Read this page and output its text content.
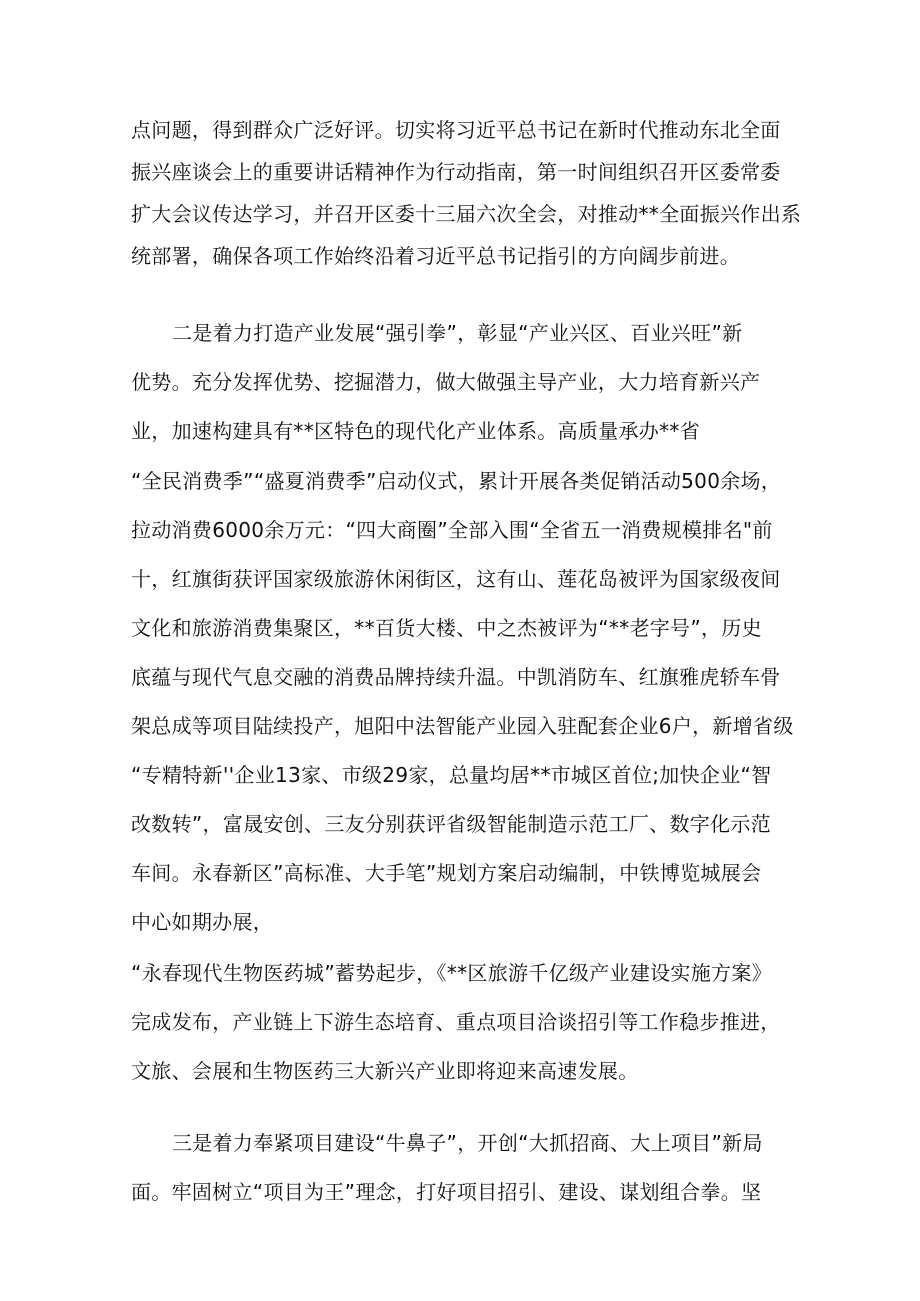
点问题，得到群众广泛好评。切实将习近平总书记在新时代推动东北全面
振兴座谈会上的重要讲话精神作为行动指南，第一时间组织召开区委常委
扩大会议传达学习，并召开区委十三届六次全会，对推动**全面振兴作出系
统部署，确保各项工作始终沿着习近平总书记指引的方向阔步前进。
二是着力打造产业发展“强引拳”，彰显“产业兴区、百业兴旺”新
优势。充分发挥优势、挖掘潜力，做大做强主导产业，大力培育新兴产
业，加速构建具有**区特色的现代化产业体系。高质量承办**省
“全民消费季”“盛夏消费季”启动仪式，累计开展各类促销活动500余场，
拉动消费6000余万元：“四大商圈”全部入围“全省五一消费规模排名"前
十，红旗街获评国家级旅游休闲街区，这有山、莲花岛被评为国家级夜间
文化和旅游消费集聚区，**百货大楼、中之杰被评为“**老字号”，历史
底蕴与现代气息交融的消费品牌持续升温。中凯消防车、红旗雅虎轿车骨
架总成等项目陆续投产，旭阳中法智能产业园入驻配套企业6户，新增省级
“专精特新''企业13家、市级29家，总量均居**市城区首位;加快企业“智
改数转”，富晟安创、三友分别获评省级智能制造示范工厂、数字化示范
车间。永春新区”高标准、大手笔”规划方案启动编制，中铁博览城展会
中心如期办展，
“永春现代生物医药城”蓄势起步，《**区旅游千亿级产业建设实施方案》
完成发布，产业链上下游生态培育、重点项目洽谈招引等工作稳步推进，
文旅、会展和生物医药三大新兴产业即将迎来高速发展。
三是着力奉紧项目建设“牛鼻子”，开创“大抓招商、大上项目”新局
面。牢固树立“项目为王”理念，打好项目招引、建设、谋划组合拳。坚
